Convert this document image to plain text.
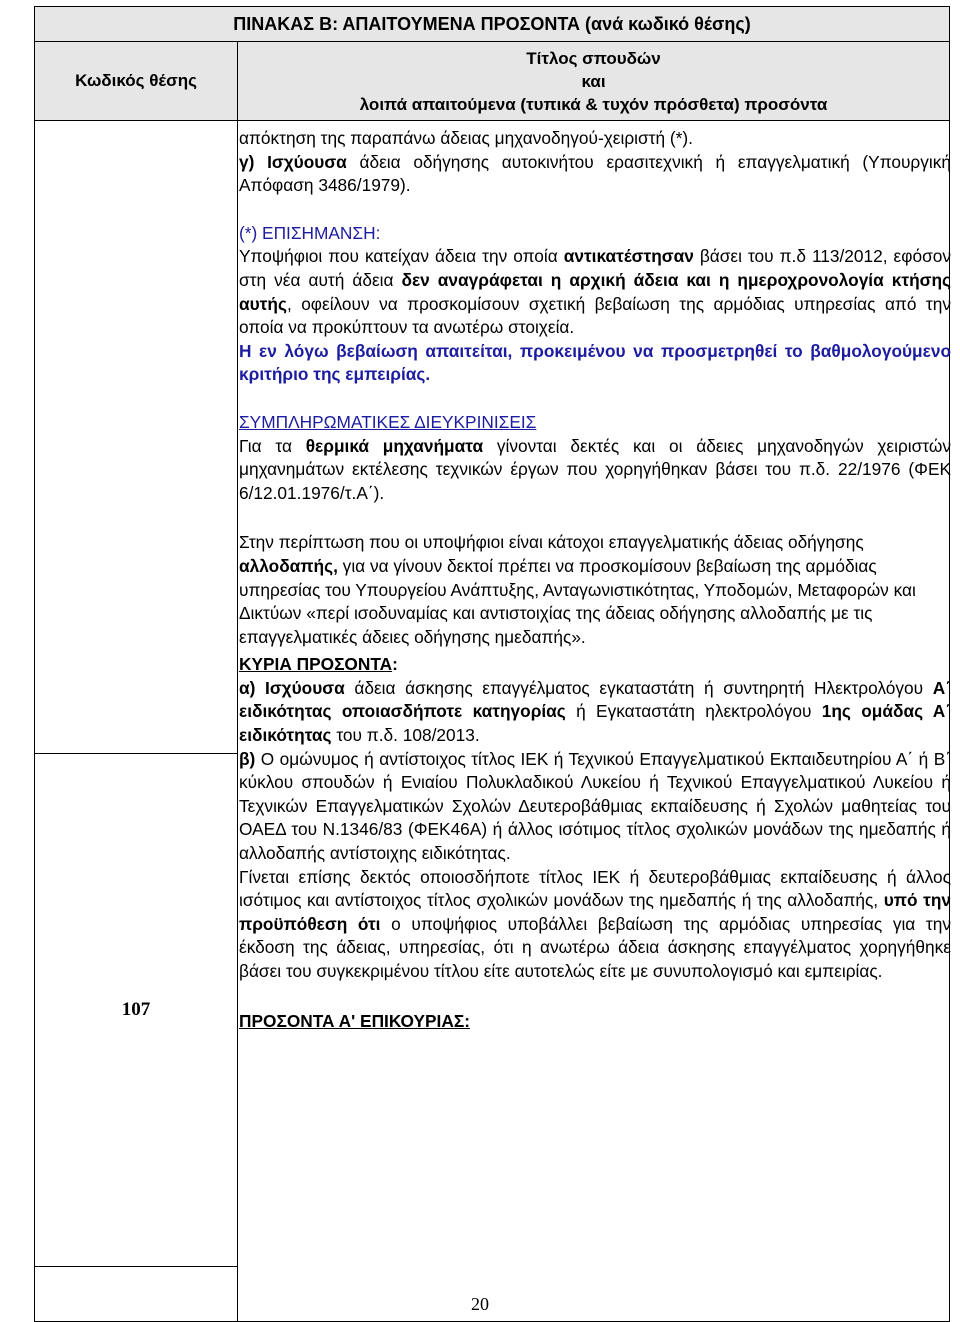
ΠΙΝΑΚΑΣ Β: ΑΠΑΙΤΟΥΜΕΝΑ ΠΡΟΣΟΝΤΑ (ανά κωδικό θέσης)
Κωδικός θέσης
Τίτλος σπουδών
και
λοιπά απαιτούμενα (τυπικά & τυχόν πρόσθετα) προσόντα
107

απόκτηση της παραπάνω άδειας μηχανοδηγού-χειριστή (*).

γ) Ισχύουσα άδεια οδήγησης αυτοκινήτου ερασιτεχνική ή επαγγελματική (Υπουργική Απόφαση 3486/1979).

(*) ΕΠΙΣΗΜΑΝΣΗ:

Υποψήφιοι που κατείχαν άδεια την οποία αντικατέστησαν βάσει του π.δ 113/2012, εφόσον στη νέα αυτή άδεια δεν αναγράφεται η αρχική άδεια και η ημεροχρονολογία κτήσης αυτής, οφείλουν να προσκομίσουν σχετική βεβαίωση της αρμόδιας υπηρεσίας από την οποία να προκύπτουν τα ανωτέρω στοιχεία.

Η εν λόγω βεβαίωση απαιτείται, προκειμένου να προσμετρηθεί το βαθμολογούμενο κριτήριο της εμπειρίας.

ΣΥΜΠΛΗΡΩΜΑΤΙΚΕΣ ΔΙΕΥΚΡΙΝΙΣΕΙΣ

Για τα θερμικά μηχανήματα γίνονται δεκτές και οι άδειες μηχανοδηγών χειριστών μηχανημάτων εκτέλεσης τεχνικών έργων που χορηγήθηκαν βάσει του π.δ. 22/1976 (ΦΕΚ 6/12.01.1976/τ.Α΄).

Στην περίπτωση που οι υποψήφιοι είναι κάτοχοι επαγγελματικής άδειας οδήγησης αλλοδαπής, για να γίνουν δεκτοί πρέπει να προσκομίσουν βεβαίωση της αρμόδιας υπηρεσίας του Υπουργείου Ανάπτυξης, Ανταγωνιστικότητας, Υποδομών, Μεταφορών και Δικτύων «περί ισοδυναμίας και αντιστοιχίας της άδειας οδήγησης αλλοδαπής με τις επαγγελματικές άδειες οδήγησης ημεδαπής».

ΚΥΡΙΑ ΠΡΟΣΟΝΤΑ:

α) Ισχύουσα άδεια άσκησης επαγγέλματος εγκαταστάτη ή συντηρητή Ηλεκτρολόγου Α΄ ειδικότητας οποιασδήποτε κατηγορίας ή Εγκαταστάτη ηλεκτρολόγου 1ης ομάδας Α΄ ειδικότητας του π.δ. 108/2013.

β) Ο ομώνυμος ή αντίστοιχος τίτλος ΙΕΚ ή Τεχνικού Επαγγελματικού Εκπαιδευτηρίου Α΄ ή Β΄ κύκλου σπουδών ή Ενιαίου Πολυκλαδικού Λυκείου ή Τεχνικού Επαγγελματικού Λυκείου ή Τεχνικών Επαγγελματικών Σχολών Δευτεροβάθμιας εκπαίδευσης ή Σχολών μαθητείας του ΟΑΕΔ του Ν.1346/83 (ΦΕΚ46Α) ή άλλος ισότιμος τίτλος σχολικών μονάδων της ημεδαπής ή αλλοδαπής αντίστοιχης ειδικότητας.

Γίνεται επίσης δεκτός οποιοσδήποτε τίτλος ΙΕΚ ή δευτεροβάθμιας εκπαίδευσης ή άλλος ισότιμος και αντίστοιχος τίτλος σχολικών μονάδων της ημεδαπής ή της αλλοδαπής, υπό την προϋπόθεση ότι ο υποψήφιος υποβάλλει βεβαίωση της αρμόδιας υπηρεσίας για την έκδοση της άδειας, υπηρεσίας, ότι η ανωτέρω άδεια άσκησης επαγγέλματος χορηγήθηκε βάσει του συγκεκριμένου τίτλου είτε αυτοτελώς είτε με συνυπολογισμό και εμπειρίας.

ΠΡΟΣΟΝΤΑ Α' ΕΠΙΚΟΥΡΙΑΣ:

20
